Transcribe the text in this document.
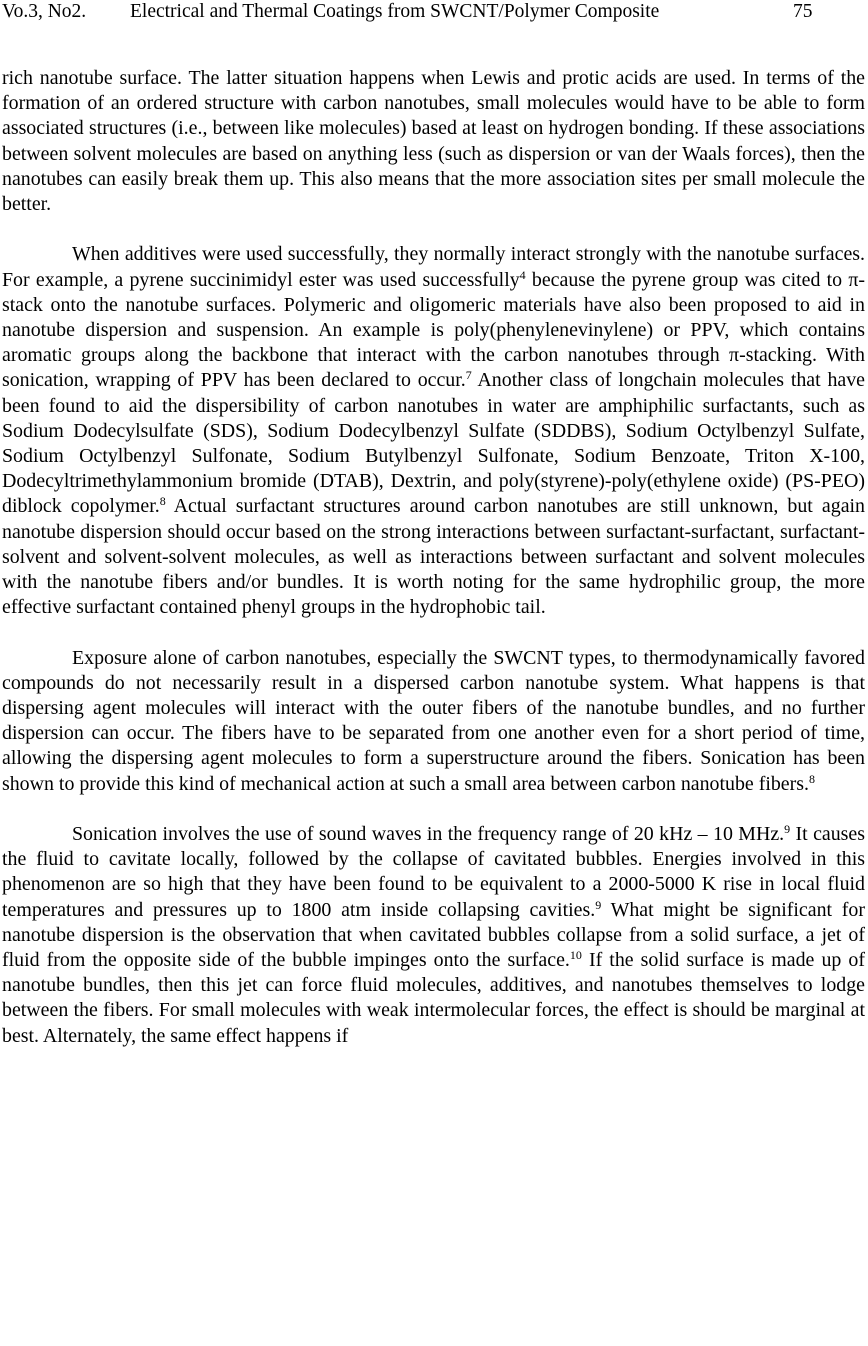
Vo.3, No2. Electrical and Thermal Coatings from SWCNT/Polymer Composite	75

rich nanotube surface. The latter situation happens when Lewis and protic acids are used. In terms of the formation of an ordered structure with carbon nanotubes, small molecules would have to be able to form associated structures (i.e., between like molecules) based at least on hydrogen bonding. If these associations between solvent molecules are based on anything less (such as dispersion or van der Waals forces), then the nanotubes can easily break them up. This also means that the more association sites per small molecule the better.

When additives were used successfully, they normally interact strongly with the nanotube surfaces. For example, a pyrene succinimidyl ester was used successfully$^4$ because the pyrene group was cited to π-stack onto the nanotube surfaces. Polymeric and oligomeric materials have also been proposed to aid in nanotube dispersion and suspension. An example is poly(phenylenevinylene) or PPV, which contains aromatic groups along the backbone that interact with the carbon nanotubes through π-stacking. With sonication, wrapping of PPV has been declared to occur.$^7$ Another class of longchain molecules that have been found to aid the dispersibility of carbon nanotubes in water are amphiphilic surfactants, such as Sodium Dodecylsulfate (SDS), Sodium Dodecylbenzyl Sulfate (SDDBS), Sodium Octylbenzyl Sulfate, Sodium Octylbenzyl Sulfonate, Sodium Butylbenzyl Sulfonate, Sodium Benzoate, Triton X-100, Dodecyltrimethylammonium bromide (DTAB), Dextrin, and poly(styrene)-poly(ethylene oxide) (PS-PEO) diblock copolymer.$^8$ Actual surfactant structures around carbon nanotubes are still unknown, but again nanotube dispersion should occur based on the strong interactions between surfactant-surfactant, surfactant-solvent and solvent-solvent molecules, as well as interactions between surfactant and solvent molecules with the nanotube fibers and/or bundles. It is worth noting for the same hydrophilic group, the more effective surfactant contained phenyl groups in the hydrophobic tail.

Exposure alone of carbon nanotubes, especially the SWCNT types, to thermodynamically favored compounds do not necessarily result in a dispersed carbon nanotube system. What happens is that dispersing agent molecules will interact with the outer fibers of the nanotube bundles, and no further dispersion can occur. The fibers have to be separated from one another even for a short period of time, allowing the dispersing agent molecules to form a superstructure around the fibers. Sonication has been shown to provide this kind of mechanical action at such a small area between carbon nanotube fibers.$^8$

Sonication involves the use of sound waves in the frequency range of 20 kHz – 10 MHz.$^9$ It causes the fluid to cavitate locally, followed by the collapse of cavitated bubbles. Energies involved in this phenomenon are so high that they have been found to be equivalent to a 2000-5000 K rise in local fluid temperatures and pressures up to 1800 atm inside collapsing cavities.$^9$ What might be significant for nanotube dispersion is the observation that when cavitated bubbles collapse from a solid surface, a jet of fluid from the opposite side of the bubble impinges onto the surface.$^{10}$ If the solid surface is made up of nanotube bundles, then this jet can force fluid molecules, additives, and nanotubes themselves to lodge between the fibers. For small molecules with weak intermolecular forces, the effect is should be marginal at best. Alternately, the same effect happens if
